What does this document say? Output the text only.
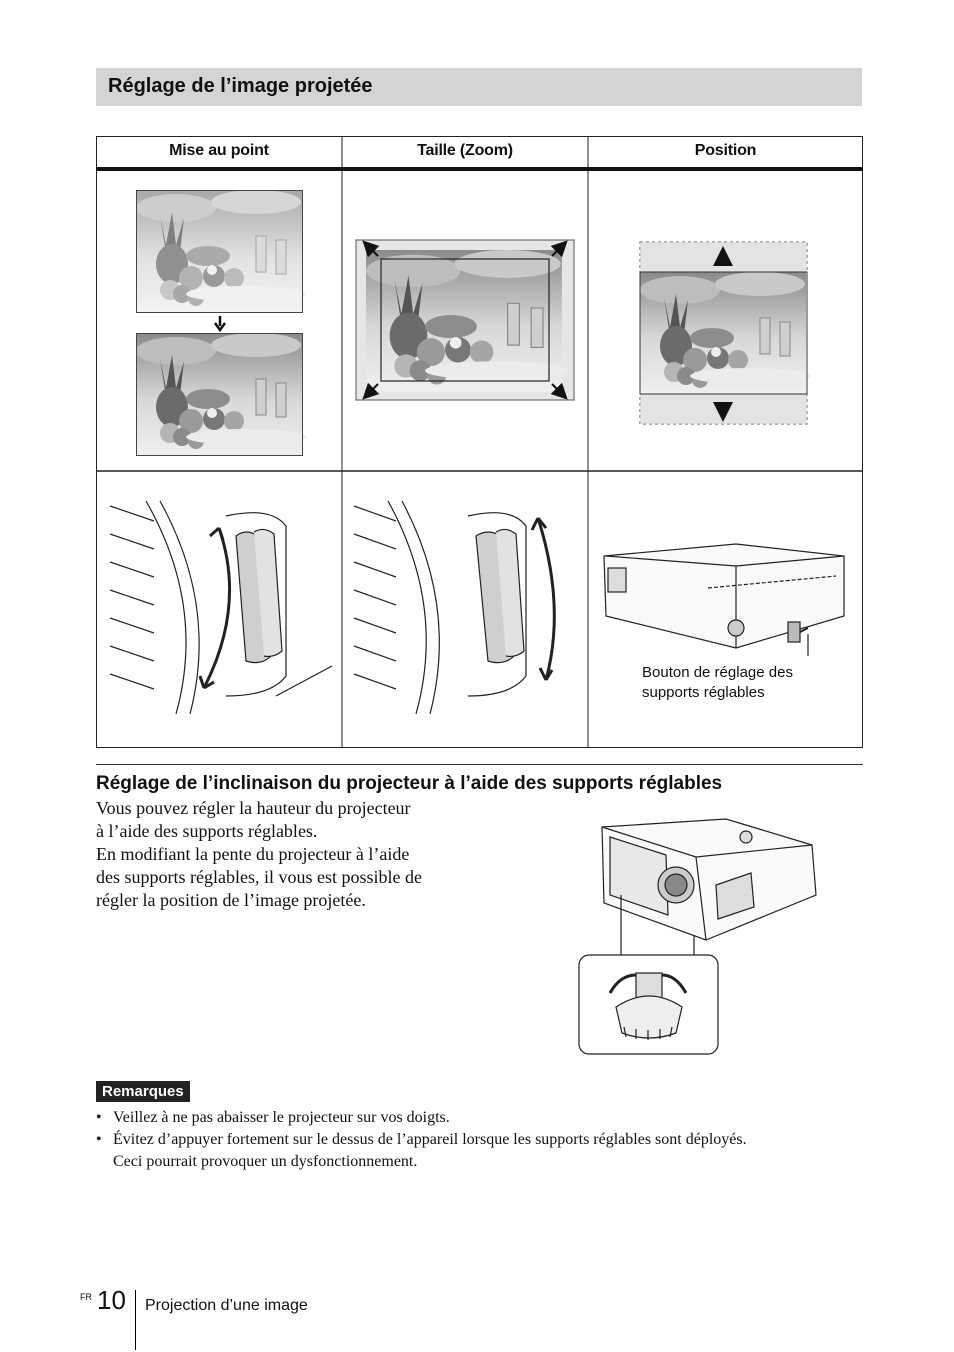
Réglage de l’image projetée
Mise au point	Taille (Zoom)	Position
Bouton de réglage des
supports réglables
Réglage de l’inclinaison du projecteur à l’aide des supports réglables

Vous pouvez régler la hauteur du projecteur

à l’aide des supports réglables.

En modifiant la pente du projecteur à l’aide

des supports réglables, il vous est possible de

régler la position de l’image projetée.

Remarques
• Veillez à ne pas abaisser le projecteur sur vos doigts.
• Évitez d’appuyer fortement sur le dessus de l’appareil lorsque les supports réglables sont déployés.
Ceci pourrait provoquer un dysfonctionnement.
FR 10 Projection d’une image
